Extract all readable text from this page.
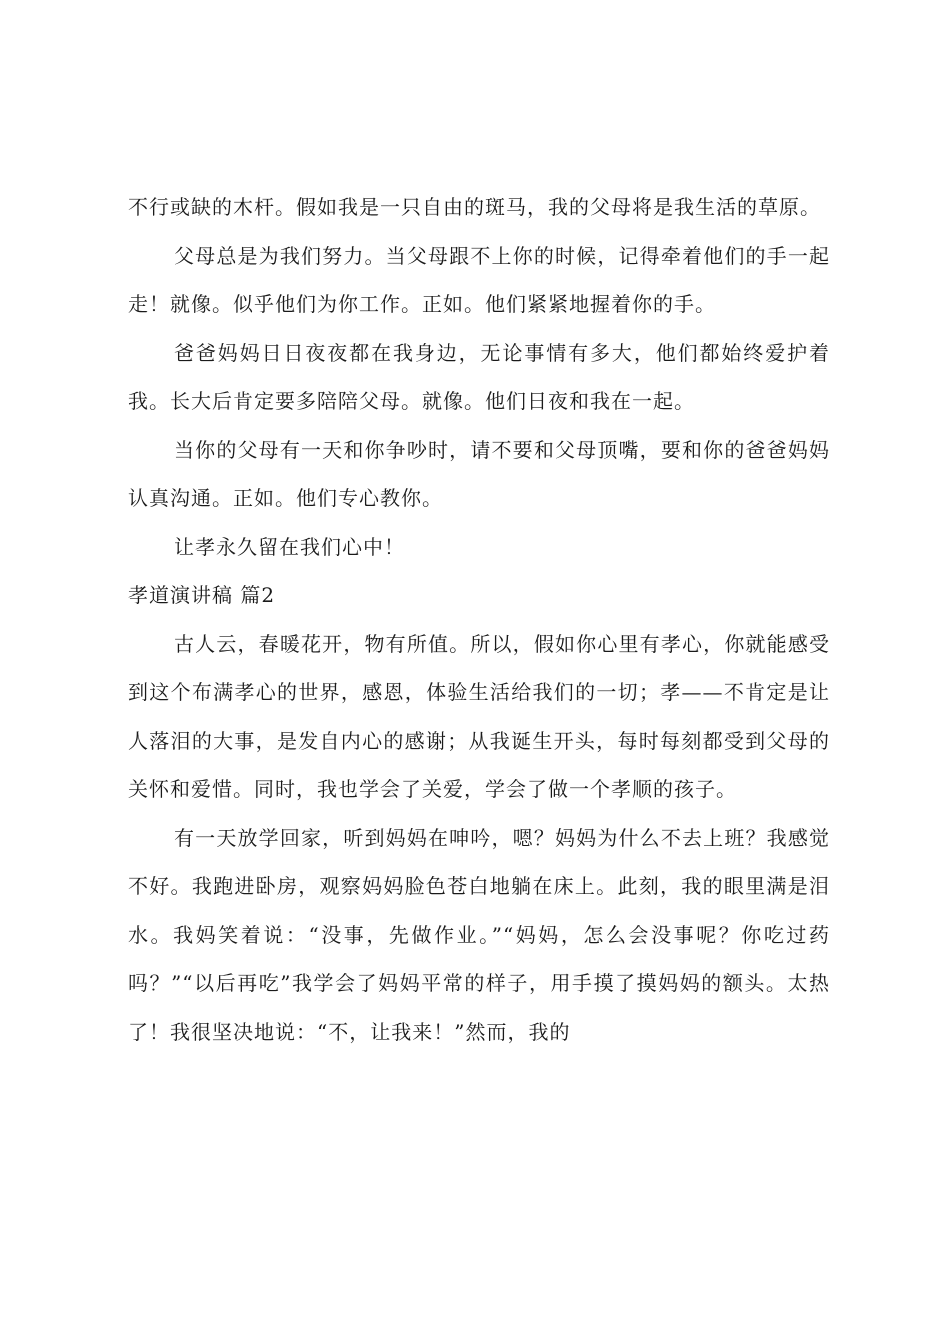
不行或缺的木杆。假如我是一只自由的斑马，我的父母将是我生活的草原。

父母总是为我们努力。当父母跟不上你的时候，记得牵着他们的手一起走！就像。似乎他们为你工作。正如。他们紧紧地握着你的手。

爸爸妈妈日日夜夜都在我身边，无论事情有多大，他们都始终爱护着我。长大后肯定要多陪陪父母。就像。他们日夜和我在一起。

当你的父母有一天和你争吵时，请不要和父母顶嘴，要和你的爸爸妈妈认真沟通。正如。他们专心教你。

让孝永久留在我们心中！

孝道演讲稿 篇2

古人云，春暖花开，物有所值。所以，假如你心里有孝心，你就能感受到这个布满孝心的世界，感恩，体验生活给我们的一切；孝——不肯定是让人落泪的大事，是发自内心的感谢；从我诞生开头，每时每刻都受到父母的关怀和爱惜。同时，我也学会了关爱，学会了做一个孝顺的孩子。

有一天放学回家，听到妈妈在呻吟，嗯？妈妈为什么不去上班？我感觉不好。我跑进卧房，观察妈妈脸色苍白地躺在床上。此刻，我的眼里满是泪水。我妈笑着说：“没事，先做作业。”“妈妈，怎么会没事呢？你吃过药吗？”“以后再吃”我学会了妈妈平常的样子，用手摸了摸妈妈的额头。太热了！我很坚决地说：“不，让我来！”然而，我的
